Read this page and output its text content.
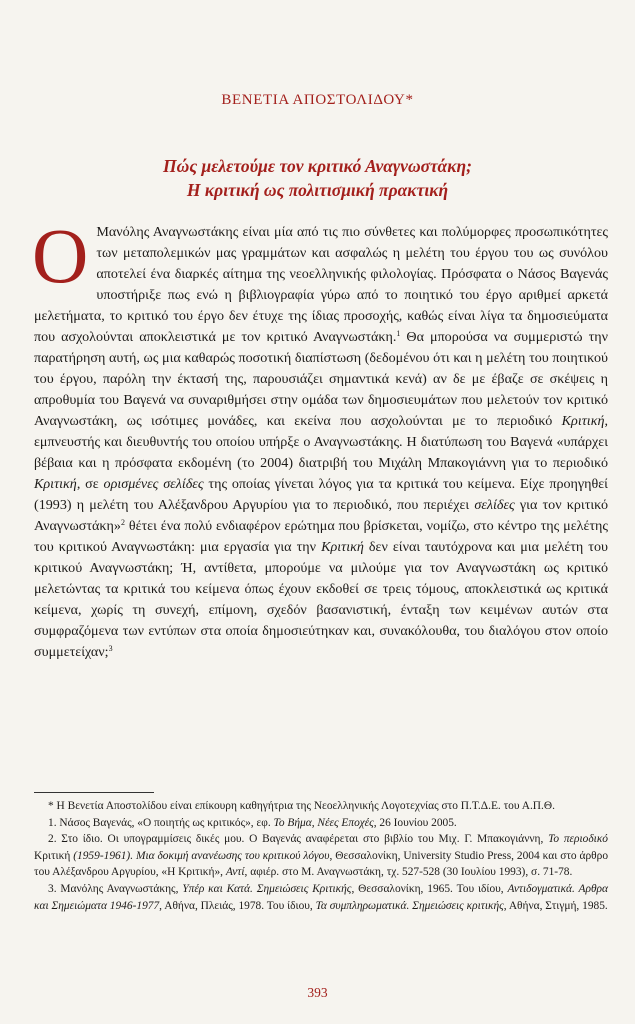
ΒΕΝΕΤΙΑ ΑΠΟΣΤΟΛΙΔΟΥ*
Πώς μελετούμε τον κριτικό Αναγνωστάκη;
Η κριτική ως πολιτισμική πρακτική
Ο Μανόλης Αναγνωστάκης είναι μία από τις πιο σύνθετες και πολύμορφες προσωπικότητες των μεταπολεμικών μας γραμμάτων και ασφαλώς η μελέτη του έργου του ως συνόλου αποτελεί ένα διαρκές αίτημα της νεοελληνικής φιλολογίας. Πρόσφατα ο Νάσος Βαγενάς υποστήριξε πως ενώ η βιβλιογραφία γύρω από το ποιητικό του έργο αριθμεί αρκετά μελετήματα, το κριτικό του έργο δεν έτυχε της ίδιας προσοχής, καθώς είναι λίγα τα δημοσιεύματα που ασχολούνται αποκλειστικά με τον κριτικό Αναγνωστάκη.$^1$ Θα μπορούσα να συμμεριστώ την παρατήρηση αυτή, ως μια καθαρώς ποσοτική διαπίστωση (δεδομένου ότι και η μελέτη του ποιητικού του έργου, παρόλη την έκτασή της, παρουσιάζει σημαντικά κενά) αν δε με έβαζε σε σκέψεις η απροθυμία του Βαγενά να συναριθμήσει στην ομάδα των δημοσιευμάτων που μελετούν τον κριτικό Αναγνωστάκη, ως ισότιμες μονάδες, και εκείνα που ασχολούνται με το περιοδικό Κριτική, εμπνευστής και διευθυντής του οποίου υπήρξε ο Αναγνωστάκης. Η διατύπωση του Βαγενά «υπάρχει βέβαια και η πρόσφατα εκδομένη (το 2004) διατριβή του Μιχάλη Μπακογιάννη για το περιοδικό Κριτική, σε ορισμένες σελίδες της οποίας γίνεται λόγος για τα κριτικά του κείμενα. Είχε προηγηθεί (1993) η μελέτη του Αλέξανδρου Αργυρίου για το περιοδικό, που περιέχει σελίδες για τον κριτικό Αναγνωστάκη»$^2$ θέτει ένα πολύ ενδιαφέρον ερώτημα που βρίσκεται, νομίζω, στο κέντρο της μελέτης του κριτικού Αναγνωστάκη: μια εργασία για την Κριτική δεν είναι ταυτόχρονα και μια μελέτη του κριτικού Αναγνωστάκη; Ή, αντίθετα, μπορούμε να μιλούμε για τον Αναγνωστάκη ως κριτικό μελετώντας τα κριτικά του κείμενα όπως έχουν εκδοθεί σε τρεις τόμους, αποκλειστικά ως κριτικά κείμενα, χωρίς τη συνεχή, επίμονη, σχεδόν βασανιστική, ένταξη των κειμένων αυτών στα συμφραζόμενα των εντύπων στα οποία δημοσιεύτηκαν και, συνακόλουθα, του διαλόγου στον οποίο συμμετείχαν;$^3$

* Η Βενετία Αποστολίδου είναι επίκουρη καθηγήτρια της Νεοελληνικής Λογοτεχνίας στο Π.Τ.Δ.Ε. του Α.Π.Θ.

1. Νάσος Βαγενάς, «Ο ποιητής ως κριτικός», εφ. Το Βήμα, Νέες Εποχές, 26 Ιουνίου 2005.

2. Στο ίδιο. Οι υπογραμμίσεις δικές μου. Ο Βαγενάς αναφέρεται στο βιβλίο του Μιχ. Γ. Μπακογιάννη, Το περιοδικό Κριτική (1959-1961). Μια δοκιμή ανανέωσης του κριτικού λόγου, Θεσσαλονίκη, University Studio Press, 2004 και στο άρθρο του Αλέξανδρου Αργυρίου, «Η Κριτική», Αντί, αφιέρ. στο Μ. Αναγνωστάκη, τχ. 527-528 (30 Ιουλίου 1993), σ. 71-78.

3. Μανόλης Αναγνωστάκης, Υπέρ και Κατά. Σημειώσεις Κριτικής, Θεσσαλονίκη, 1965. Του ιδίου, Αντιδογματικά. Αρθρα και Σημειώματα 1946-1977, Αθήνα, Πλειάς, 1978. Του ίδιου, Τα συμπληρωματικά. Σημειώσεις κριτικής, Αθήνα, Στιγμή, 1985.

393
